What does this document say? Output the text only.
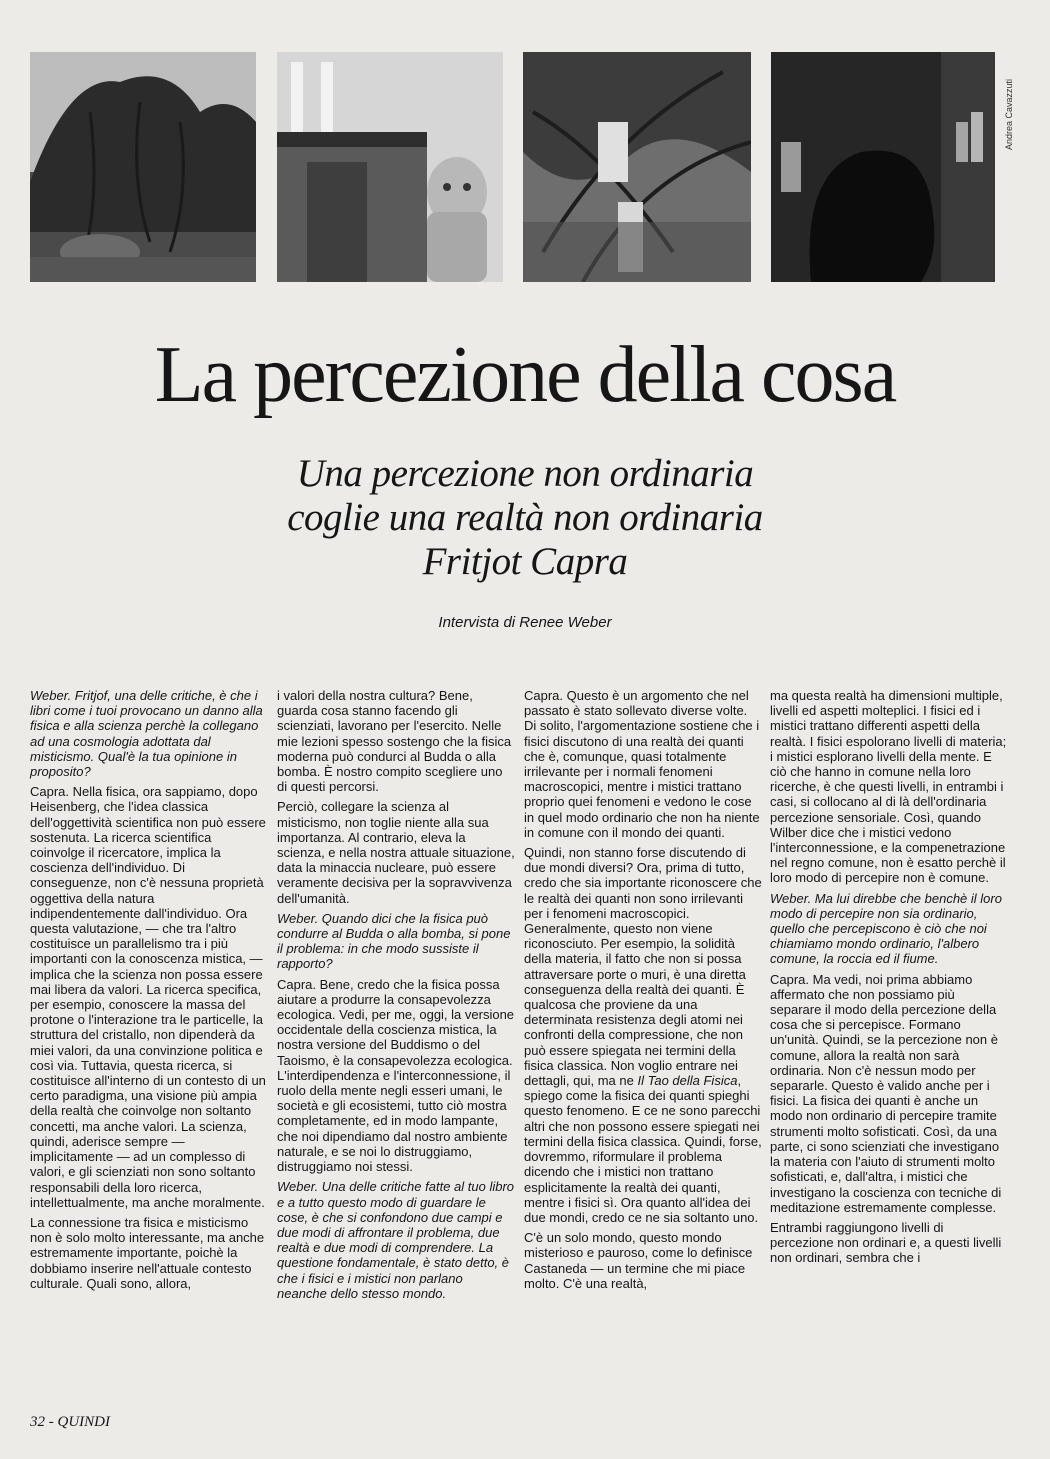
Andrea Cavazzuti
La percezione della cosa
Una percezione non ordinaria
coglie una realtà non ordinaria
Fritjot Capra
Intervista di Renee Weber

Weber. Fritjof, una delle critiche, è che i libri come i tuoi provocano un danno alla fisica e alla scienza perchè la collegano ad una cosmologia adottata dal misticismo. Qual'è la tua opinione in proposito?

Capra. Nella fisica, ora sappiamo, dopo Heisenberg, che l'idea classica dell'oggettività scientifica non può essere sostenuta. La ricerca scientifica coinvolge il ricercatore, implica la coscienza dell'individuo. Di conseguenze, non c'è nessuna proprietà oggettiva della natura indipendentemente dall'individuo. Ora questa valutazione, — che tra l'altro costituisce un parallelismo tra i più importanti con la conoscenza mistica, — implica che la scienza non possa essere mai libera da valori. La ricerca specifica, per esempio, conoscere la massa del protone o l'interazione tra le particelle, la struttura del cristallo, non dipenderà da miei valori, da una convinzione politica e così via. Tuttavia, questa ricerca, si costituisce all'interno di un contesto di un certo paradigma, una visione più ampia della realtà che coinvolge non soltanto concetti, ma anche valori. La scienza, quindi, aderisce sempre — implicitamente — ad un complesso di valori, e gli scienziati non sono soltanto responsabili della loro ricerca, intellettualmente, ma anche moralmente.

La connessione tra fisica e misticismo non è solo molto interessante, ma anche estremamente importante, poichè la dobbiamo inserire nell'attuale contesto culturale. Quali sono, allora,

i valori della nostra cultura? Bene, guarda cosa stanno facendo gli scienziati, lavorano per l'esercito. Nelle mie lezioni spesso sostengo che la fisica moderna può condurci al Budda o alla bomba. È nostro compito scegliere uno di questi percorsi.

Perciò, collegare la scienza al misticismo, non toglie niente alla sua importanza. Al contrario, eleva la scienza, e nella nostra attuale situazione, data la minaccia nucleare, può essere veramente decisiva per la sopravvivenza dell'umanità.

Weber. Quando dici che la fisica può condurre al Budda o alla bomba, si pone il problema: in che modo sussiste il rapporto?

Capra. Bene, credo che la fisica possa aiutare a produrre la consapevolezza ecologica. Vedi, per me, oggi, la versione occidentale della coscienza mistica, la nostra versione del Buddismo o del Taoismo, è la consapevolezza ecologica. L'interdipendenza e l'interconnessione, il ruolo della mente negli esseri umani, le società e gli ecosistemi, tutto ciò mostra completamente, ed in modo lampante, che noi dipendiamo dal nostro ambiente naturale, e se noi lo distruggiamo, distruggiamo noi stessi.

Weber. Una delle critiche fatte al tuo libro e a tutto questo modo di guardare le cose, è che si confondono due campi e due modi di affrontare il problema, due realtà e due modi di comprendere. La questione fondamentale, è stato detto, è che i fisici e i mistici non parlano neanche dello stesso mondo.

Capra. Questo è un argomento che nel passato è stato sollevato diverse volte. Di solito, l'argomentazione sostiene che i fisici discutono di una realtà dei quanti che è, comunque, quasi totalmente irrilevante per i normali fenomeni macroscopici, mentre i mistici trattano proprio quei fenomeni e vedono le cose in quel modo ordinario che non ha niente in comune con il mondo dei quanti.

Quindi, non stanno forse discutendo di due mondi diversi? Ora, prima di tutto, credo che sia importante riconoscere che le realtà dei quanti non sono irrilevanti per i fenomeni macroscopici. Generalmente, questo non viene riconosciuto. Per esempio, la solidità della materia, il fatto che non si possa attraversare porte o muri, è una diretta conseguenza della realtà dei quanti. È qualcosa che proviene da una determinata resistenza degli atomi nei confronti della compressione, che non può essere spiegata nei termini della fisica classica. Non voglio entrare nei dettagli, qui, ma ne Il Tao della Fisica, spiego come la fisica dei quanti spieghi questo fenomeno. E ce ne sono parecchi altri che non possono essere spiegati nei termini della fisica classica. Quindi, forse, dovremmo, riformulare il problema dicendo che i mistici non trattano esplicitamente la realtà dei quanti, mentre i fisici sì. Ora quanto all'idea dei due mondi, credo ce ne sia soltanto uno.

C'è un solo mondo, questo mondo misterioso e pauroso, come lo definisce Castaneda — un termine che mi piace molto. C'è una realtà,

ma questa realtà ha dimensioni multiple, livelli ed aspetti molteplici. I fisici ed i mistici trattano differenti aspetti della realtà. I fisici espolorano livelli di materia; i mistici esplorano livelli della mente. E ciò che hanno in comune nella loro ricerche, è che questi livelli, in entrambi i casi, si collocano al di là dell'ordinaria percezione sensoriale. Così, quando Wilber dice che i mistici vedono l'interconnessione, e la compenetrazione nel regno comune, non è esatto perchè il loro modo di percepire non è comune.

Weber. Ma lui direbbe che benchè il loro modo di percepire non sia ordinario, quello che percepiscono è ciò che noi chiamiamo mondo ordinario, l'albero comune, la roccia ed il fiume.

Capra. Ma vedi, noi prima abbiamo affermato che non possiamo più separare il modo della percezione della cosa che si percepisce. Formano un'unità. Quindi, se la percezione non è comune, allora la realtà non sarà ordinaria. Non c'è nessun modo per separarle. Questo è valido anche per i fisici. La fisica dei quanti è anche un modo non ordinario di percepire tramite strumenti molto sofisticati. Così, da una parte, ci sono scienziati che investigano la materia con l'aiuto di strumenti molto sofisticati, e, dall'altra, i mistici che investigano la coscienza con tecniche di meditazione estremamente complesse.

Entrambi raggiungono livelli di percezione non ordinari e, a questi livelli non ordinari, sembra che i

32 - QUINDI
